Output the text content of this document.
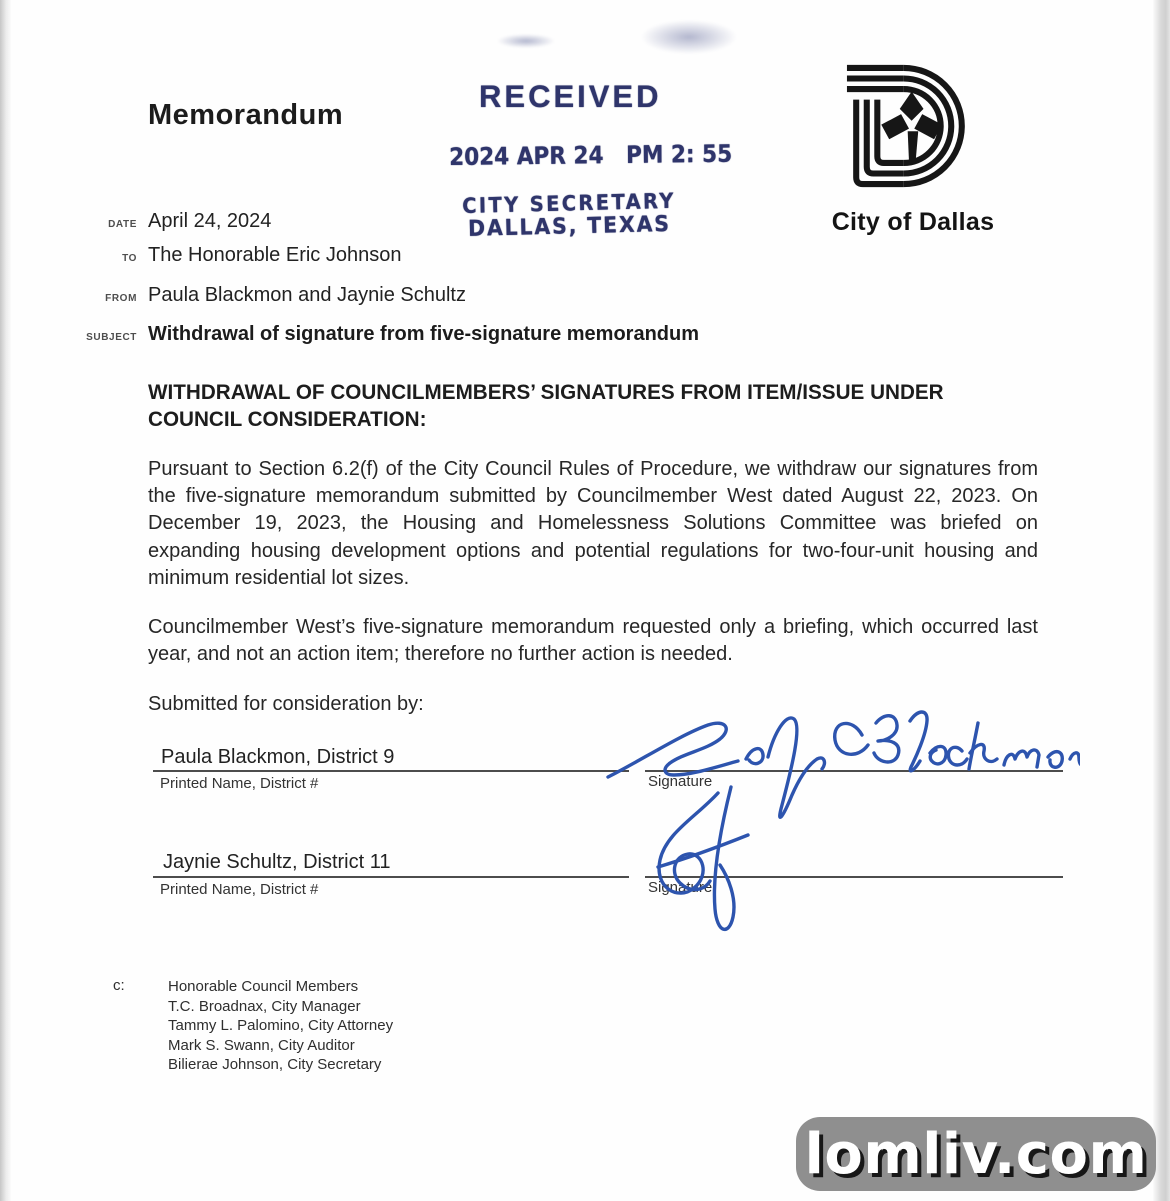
Memorandum
RECEIVED
2024 APR 24   PM 2: 55
CITY SECRETARY
DALLAS, TEXAS	City of Dallas
DATE April 24, 2024
TO The Honorable Eric Johnson
FROM Paula Blackmon and Jaynie Schultz
SUBJECT Withdrawal of signature from five-signature memorandum
WITHDRAWAL OF COUNCILMEMBERS’ SIGNATURES FROM ITEM/ISSUE UNDER COUNCIL CONSIDERATION:
Pursuant to Section 6.2(f) of the City Council Rules of Procedure, we withdraw our signatures from the five-signature memorandum submitted by Councilmember West dated August 22, 2023. On December 19, 2023, the Housing and Homelessness Solutions Committee was briefed on expanding housing development options and potential regulations for two-four-unit housing and minimum residential lot sizes.
Councilmember West’s five-signature memorandum requested only a briefing, which occurred last year, and not an action item; therefore no further action is needed.
Submitted for consideration by:
Paula Blackmon, District 9
Printed Name, District #	Signature
Jaynie Schultz, District 11
Printed Name, District #	Signature
c:	Honorable Council Members
T.C. Broadnax, City Manager
Tammy L. Palomino, City Attorney
Mark S. Swann, City Auditor
Bilierae Johnson, City Secretary
lomliv.com
